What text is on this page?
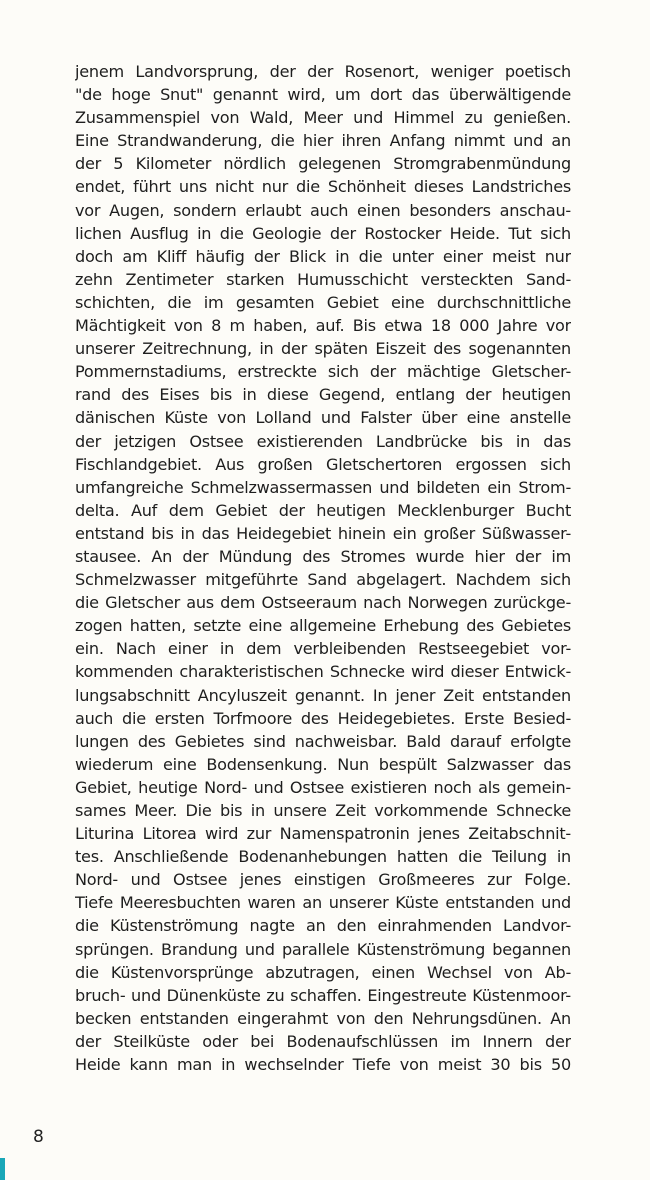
jenem Landvorsprung, der der Rosenort, weniger poetisch
"de hoge Snut" genannt wird, um dort das überwältigende
Zusammenspiel von Wald, Meer und Himmel zu genießen.
Eine Strandwanderung, die hier ihren Anfang nimmt und an
der 5 Kilometer nördlich gelegenen Stromgrabenmündung
endet, führt uns nicht nur die Schönheit dieses Landstriches
vor Augen, sondern erlaubt auch einen besonders anschau-
lichen Ausflug in die Geologie der Rostocker Heide. Tut sich
doch am Kliff häufig der Blick in die unter einer meist nur
zehn Zentimeter starken Humusschicht versteckten Sand-
schichten, die im gesamten Gebiet eine durchschnittliche
Mächtigkeit von 8 m haben, auf. Bis etwa 18 000 Jahre vor
unserer Zeitrechnung, in der späten Eiszeit des sogenannten
Pommernstadiums, erstreckte sich der mächtige Gletscher-
rand des Eises bis in diese Gegend, entlang der heutigen
dänischen Küste von Lolland und Falster über eine anstelle
der jetzigen Ostsee existierenden Landbrücke bis in das
Fischlandgebiet. Aus großen Gletschertoren ergossen sich
umfangreiche Schmelzwassermassen und bildeten ein Strom-
delta. Auf dem Gebiet der heutigen Mecklenburger Bucht
entstand bis in das Heidegebiet hinein ein großer Süßwasser-
stausee. An der Mündung des Stromes wurde hier der im
Schmelzwasser mitgeführte Sand abgelagert. Nachdem sich
die Gletscher aus dem Ostseeraum nach Norwegen zurückge-
zogen hatten, setzte eine allgemeine Erhebung des Gebietes
ein. Nach einer in dem verbleibenden Restseegebiet vor-
kommenden charakteristischen Schnecke wird dieser Entwick-
lungsabschnitt Ancyluszeit genannt. In jener Zeit entstanden
auch die ersten Torfmoore des Heidegebietes. Erste Besied-
lungen des Gebietes sind nachweisbar. Bald darauf erfolgte
wiederum eine Bodensenkung. Nun bespült Salzwasser das
Gebiet, heutige Nord- und Ostsee existieren noch als gemein-
sames Meer. Die bis in unsere Zeit vorkommende Schnecke
Liturina Litorea wird zur Namenspatronin jenes Zeitabschnit-
tes. Anschließende Bodenanhebungen hatten die Teilung in
Nord- und Ostsee jenes einstigen Großmeeres zur Folge.
Tiefe Meeresbuchten waren an unserer Küste entstanden und
die Küstenströmung nagte an den einrahmenden Landvor-
sprüngen. Brandung und parallele Küstenströmung begannen
die Küstenvorsprünge abzutragen, einen Wechsel von Ab-
bruch- und Dünenküste zu schaffen. Eingestreute Küstenmoor-
becken entstanden eingerahmt von den Nehrungsdünen. An
der Steilküste oder bei Bodenaufschlüssen im Innern der
Heide kann man in wechselnder Tiefe von meist 30 bis 50
8
